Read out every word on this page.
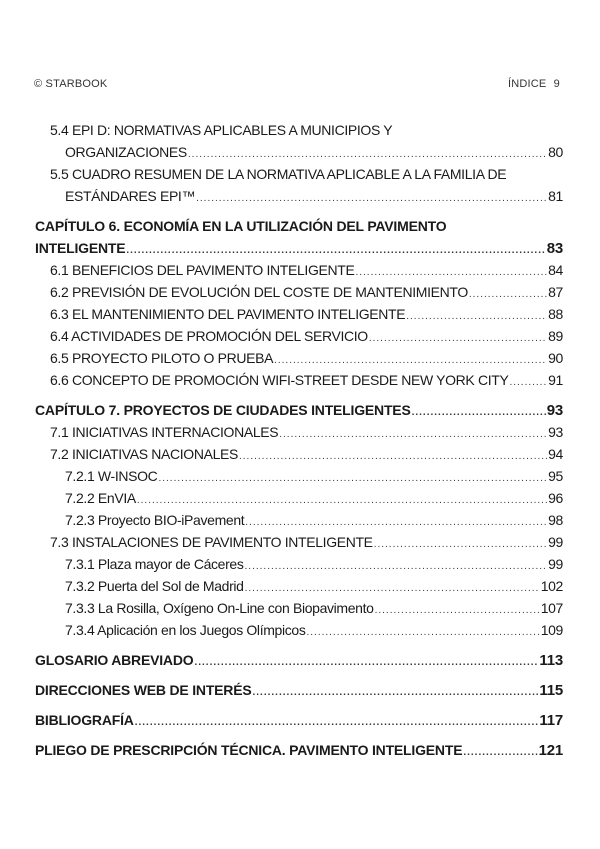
© STARBOOK	ÍNDICE 9
5.4 EPI D: NORMATIVAS APLICABLES A MUNICIPIOS Y
ORGANIZACIONES .....	80
5.5 CUADRO RESUMEN DE LA NORMATIVA APLICABLE A LA FAMILIA DE
ESTÁNDARES EPI™ .....	81
CAPÍTULO 6. ECONOMÍA EN LA UTILIZACIÓN DEL PAVIMENTO
INTELIGENTE .....	83
6.1 BENEFICIOS DEL PAVIMENTO INTELIGENTE .....	84
6.2 PREVISIÓN DE EVOLUCIÓN DEL COSTE DE MANTENIMIENTO .....	87
6.3 EL MANTENIMIENTO DEL PAVIMENTO INTELIGENTE .....	88
6.4 ACTIVIDADES DE PROMOCIÓN DEL SERVICIO .....	89
6.5 PROYECTO PILOTO O PRUEBA .....	90
6.6 CONCEPTO DE PROMOCIÓN WIFI-STREET DESDE NEW YORK CITY .....	91
CAPÍTULO 7. PROYECTOS DE CIUDADES INTELIGENTES .....	93
7.1 INICIATIVAS INTERNACIONALES .....	93
7.2 INICIATIVAS NACIONALES .....	94
7.2.1 W-INSOC .....	95
7.2.2 EnVIA .....	96
7.2.3 Proyecto BIO-iPavement .....	98
7.3 INSTALACIONES DE PAVIMENTO INTELIGENTE .....	99
7.3.1 Plaza mayor de Cáceres .....	99
7.3.2 Puerta del Sol de Madrid .....	102
7.3.3 La Rosilla, Oxígeno On-Line con Biopavimento .....	107
7.3.4 Aplicación en los Juegos Olímpicos .....	109
GLOSARIO ABREVIADO .....	113
DIRECCIONES WEB DE INTERÉS .....	115
BIBLIOGRAFÍA .....	117
PLIEGO DE PRESCRIPCIÓN TÉCNICA. PAVIMENTO INTELIGENTE .....	121
